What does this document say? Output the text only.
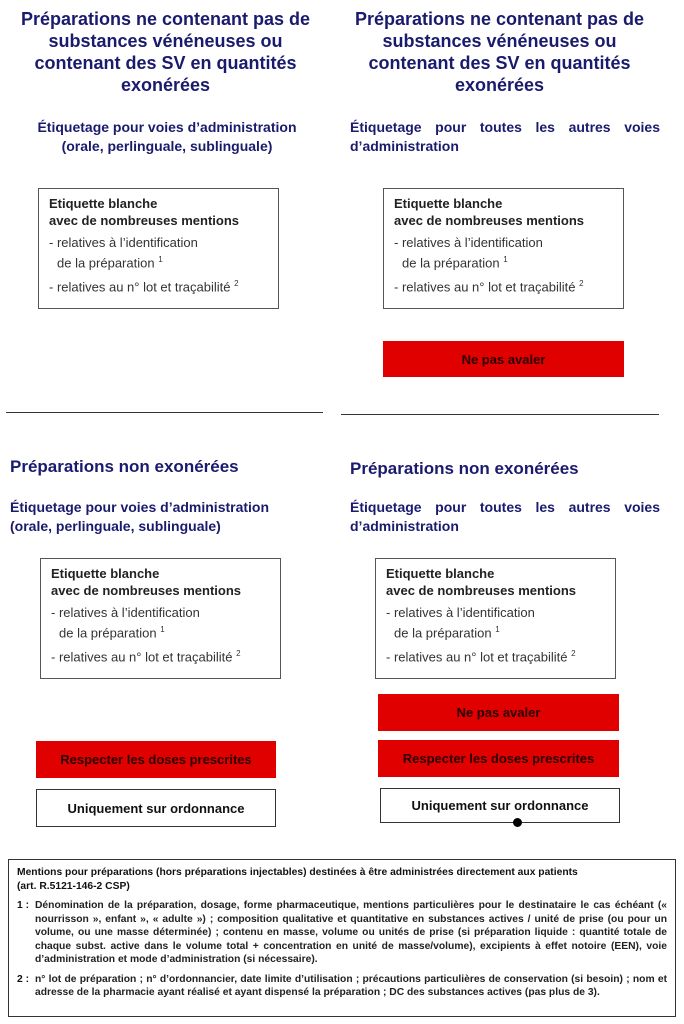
Préparations ne contenant pas de substances vénéneuses ou contenant des SV en quantités exonérées
Étiquetage pour voies d’administration
(orale, perlinguale, sublinguale)
Etiquette blanche
avec de nombreuses mentions
- relatives à l’identification
de la préparation $^1$
- relatives au n° lot et traçabilité $^2$
Préparations ne contenant pas de substances vénéneuses ou contenant des SV en quantités exonérées
Étiquetage pour toutes les autres voies d’administration
Etiquette blanche
avec de nombreuses mentions
- relatives à l’identification
de la préparation $^1$
- relatives au n° lot et traçabilité $^2$
Ne pas avaler
Préparations non exonérées
Étiquetage pour voies d’administration
(orale, perlinguale, sublinguale)
Etiquette blanche
avec de nombreuses mentions
- relatives à l’identification
de la préparation $^1$
- relatives au n° lot et traçabilité $^2$
Respecter les doses prescrites
Uniquement sur ordonnance
Préparations non exonérées
Étiquetage pour toutes les autres voies d’administration
Etiquette blanche
avec de nombreuses mentions
- relatives à l’identification
de la préparation $^1$
- relatives au n° lot et traçabilité $^2$
Ne pas avaler
Respecter les doses prescrites
Uniquement sur ordonnance
Mentions pour préparations (hors préparations injectables) destinées à être administrées directement aux patients
(art. R.5121-146-2 CSP)
1 : Dénomination de la préparation, dosage, forme pharmaceutique, mentions particulières pour le destinataire le cas échéant (« nourrisson », enfant », « adulte ») ; composition qualitative et quantitative en substances actives / unité de prise (ou pour un volume, ou une masse déterminée) ; contenu en masse, volume ou unités de prise (si préparation liquide : quantité totale de chaque subst. active dans le volume total + concentration en unité de masse/volume), excipients à effet notoire (EEN), voie d’administration et mode d’administration (si nécessaire).
2 : n° lot de préparation ; n° d’ordonnancier, date limite d’utilisation ; précautions particulières de conservation (si besoin) ; nom et adresse de la pharmacie ayant réalisé et ayant dispensé la préparation ; DC des substances actives (pas plus de 3).
